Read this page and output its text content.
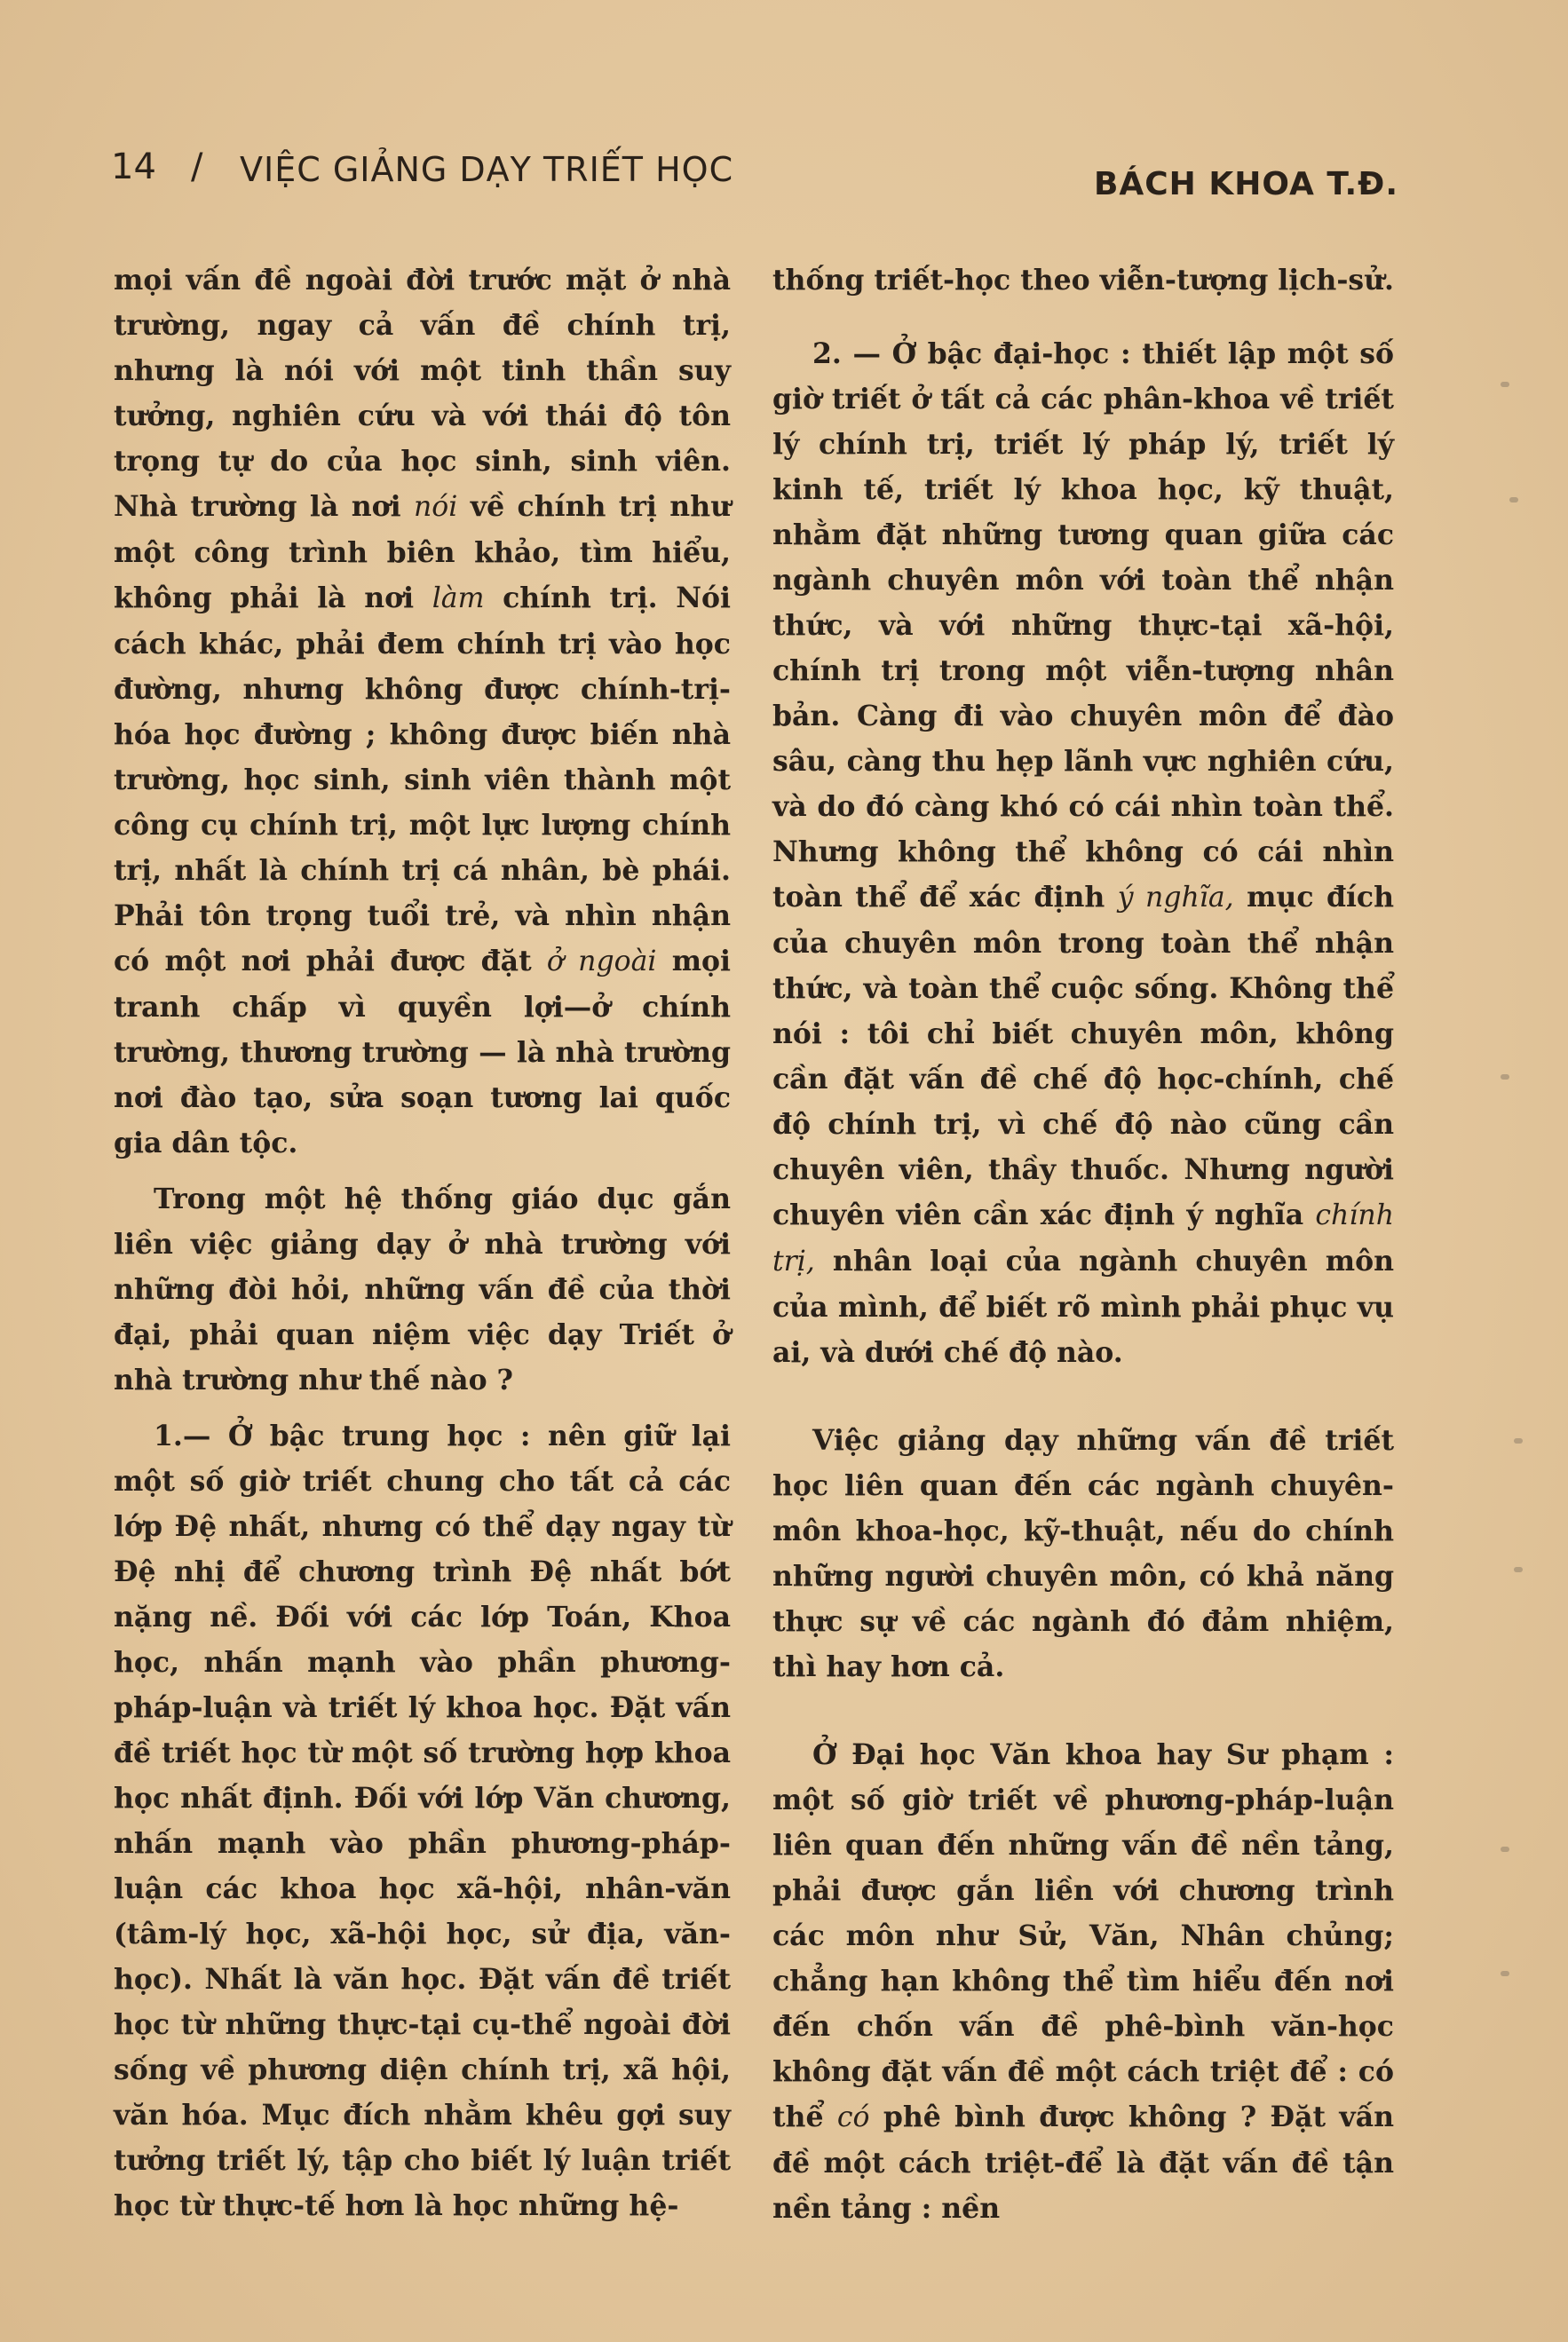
14 / VIỆC GIẢNG DẠY TRIẾT HỌC	BÁCH KHOA T.Đ.

mọi vấn đề ngoài đời trước mặt ở nhà trường, ngay cả vấn đề chính trị, nhưng là nói với một tinh thần suy tưởng, nghiên cứu và với thái độ tôn trọng tự do của học sinh, sinh viên. Nhà trường là nơi nói về chính trị như một công trình biên khảo, tìm hiểu, không phải là nơi làm chính trị. Nói cách khác, phải đem chính trị vào học đường, nhưng không được chính-trị-hóa học đường ; không được biến nhà trường, học sinh, sinh viên thành một công cụ chính trị, một lực lượng chính trị, nhất là chính trị cá nhân, bè phái. Phải tôn trọng tuổi trẻ, và nhìn nhận có một nơi phải được đặt ở ngoài mọi tranh chấp vì quyền lợi—ở chính trường, thương trường — là nhà trường nơi đào tạo, sửa soạn tương lai quốc gia dân tộc.

Trong một hệ thống giáo dục gắn liền việc giảng dạy ở nhà trường với những đòi hỏi, những vấn đề của thời đại, phải quan niệm việc dạy Triết ở nhà trường như thế nào ?

1.— Ở bậc trung học : nên giữ lại một số giờ triết chung cho tất cả các lớp Đệ nhất, nhưng có thể dạy ngay từ Đệ nhị để chương trình Đệ nhất bớt nặng nề. Đối với các lớp Toán, Khoa học, nhấn mạnh vào phần phương-pháp-luận và triết lý khoa học. Đặt vấn đề triết học từ một số trường hợp khoa học nhất định. Đối với lớp Văn chương, nhấn mạnh vào phần phương-pháp-luận các khoa học xã-hội, nhân-văn (tâm-lý học, xã-hội học, sử địa, văn-học). Nhất là văn học. Đặt vấn đề triết học từ những thực-tại cụ-thể ngoài đời sống về phương diện chính trị, xã hội, văn hóa. Mục đích nhằm khêu gợi suy tưởng triết lý, tập cho biết lý luận triết học từ thực-tế hơn là học những hệ-

thống triết-học theo viễn-tượng lịch-sử.

2. — Ở bậc đại-học : thiết lập một số giờ triết ở tất cả các phân-khoa về triết lý chính trị, triết lý pháp lý, triết lý kinh tế, triết lý khoa học, kỹ thuật, nhằm đặt những tương quan giữa các ngành chuyên môn với toàn thể nhận thức, và với những thực-tại xã-hội, chính trị trong một viễn-tượng nhân bản. Càng đi vào chuyên môn để đào sâu, càng thu hẹp lãnh vực nghiên cứu, và do đó càng khó có cái nhìn toàn thể. Nhưng không thể không có cái nhìn toàn thể để xác định ý nghĩa, mục đích của chuyên môn trong toàn thể nhận thức, và toàn thể cuộc sống. Không thể nói : tôi chỉ biết chuyên môn, không cần đặt vấn đề chế độ học-chính, chế độ chính trị, vì chế độ nào cũng cần chuyên viên, thầy thuốc. Nhưng người chuyên viên cần xác định ý nghĩa chính trị, nhân loại của ngành chuyên môn của mình, để biết rõ mình phải phục vụ ai, và dưới chế độ nào.

Việc giảng dạy những vấn đề triết học liên quan đến các ngành chuyên-môn khoa-học, kỹ-thuật, nếu do chính những người chuyên môn, có khả năng thực sự về các ngành đó đảm nhiệm, thì hay hơn cả.

Ở Đại học Văn khoa hay Sư phạm : một số giờ triết về phương-pháp-luận liên quan đến những vấn đề nền tảng, phải được gắn liền với chương trình các môn như Sử, Văn, Nhân chủng; chẳng hạn không thể tìm hiểu đến nơi đến chốn vấn đề phê-bình văn-học không đặt vấn đề một cách triệt để : có thể có phê bình được không ? Đặt vấn đề một cách triệt-để là đặt vấn đề tận nền tảng : nền
